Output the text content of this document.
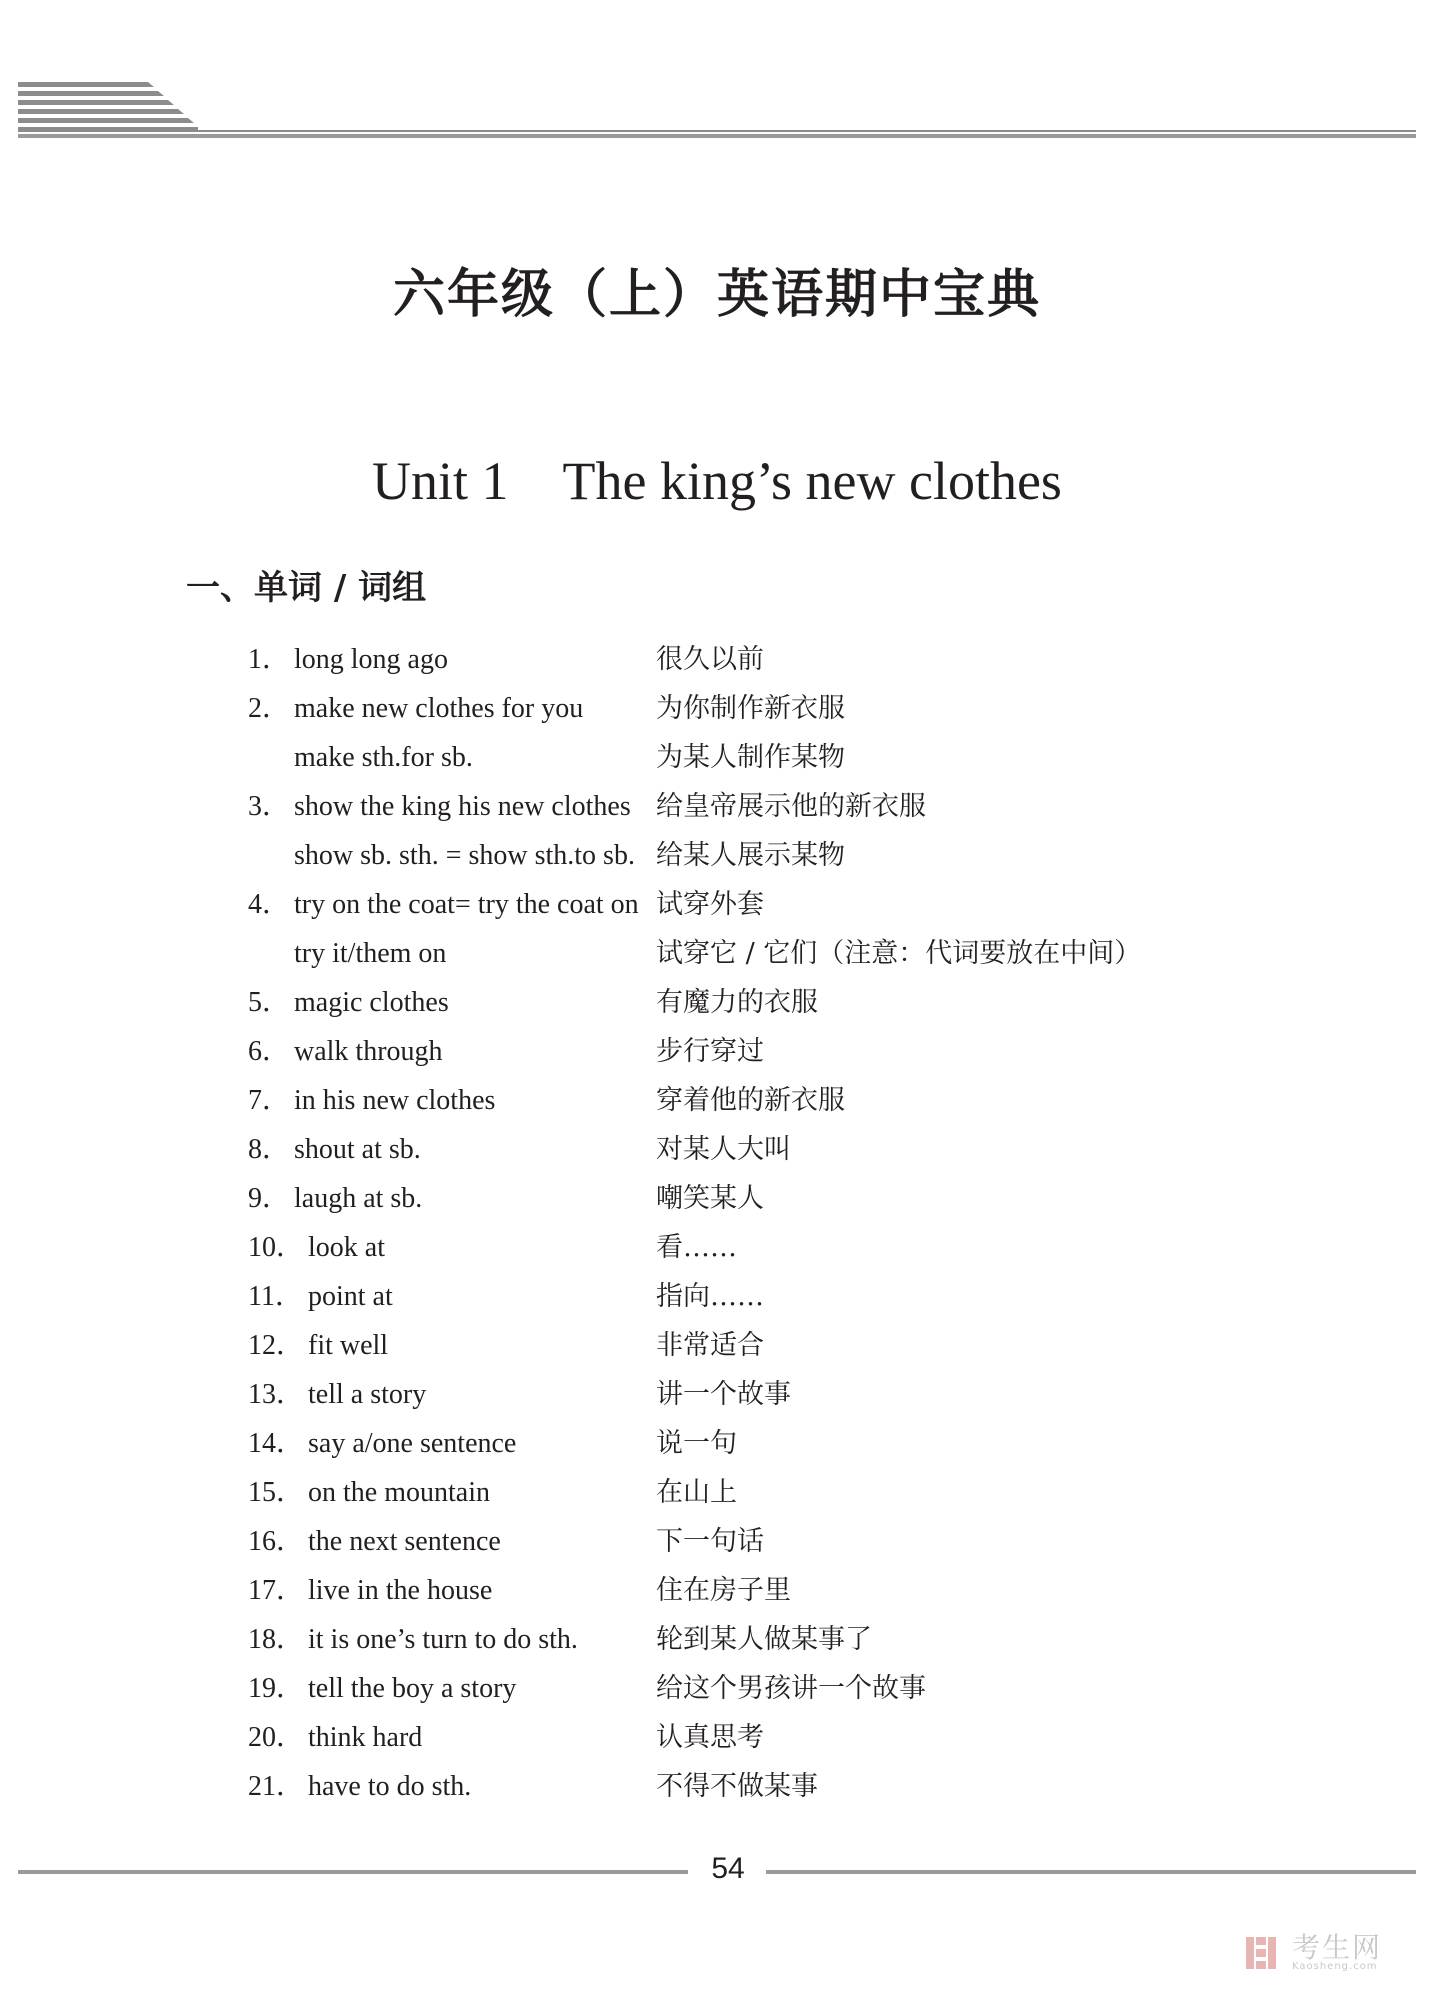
六年级（上）英语期中宝典
Unit 1　The king’s new clothes
一、单词 / 词组
1． long long ago	很久以前
2． make new clothes for you	为你制作新衣服
make sth.for sb.	为某人制作某物
3． show the king his new clothes 给皇帝展示他的新衣服
show sb. sth. = show sth.to sb. 给某人展示某物
4． try on the coat= try the coat on 试穿外套
try it/them on	试穿它 / 它们（注意：代词要放在中间）
5． magic clothes	有魔力的衣服
6． walk through	步行穿过
7． in his new clothes	穿着他的新衣服
8． shout at sb.	对某人大叫
9． laugh at sb.	嘲笑某人
10． look at	看……
11． point at	指向……
12． fit well	非常适合
13． tell a story	讲一个故事
14． say a/one sentence	说一句
15． on the mountain	在山上
16． the next sentence	下一句话
17． live in the house	住在房子里
18． it is one’s turn to do sth.	轮到某人做某事了
19． tell the boy a story	给这个男孩讲一个故事
20． think hard	认真思考
21． have to do sth.	不得不做某事
54
考生网
Kaosheng.com
